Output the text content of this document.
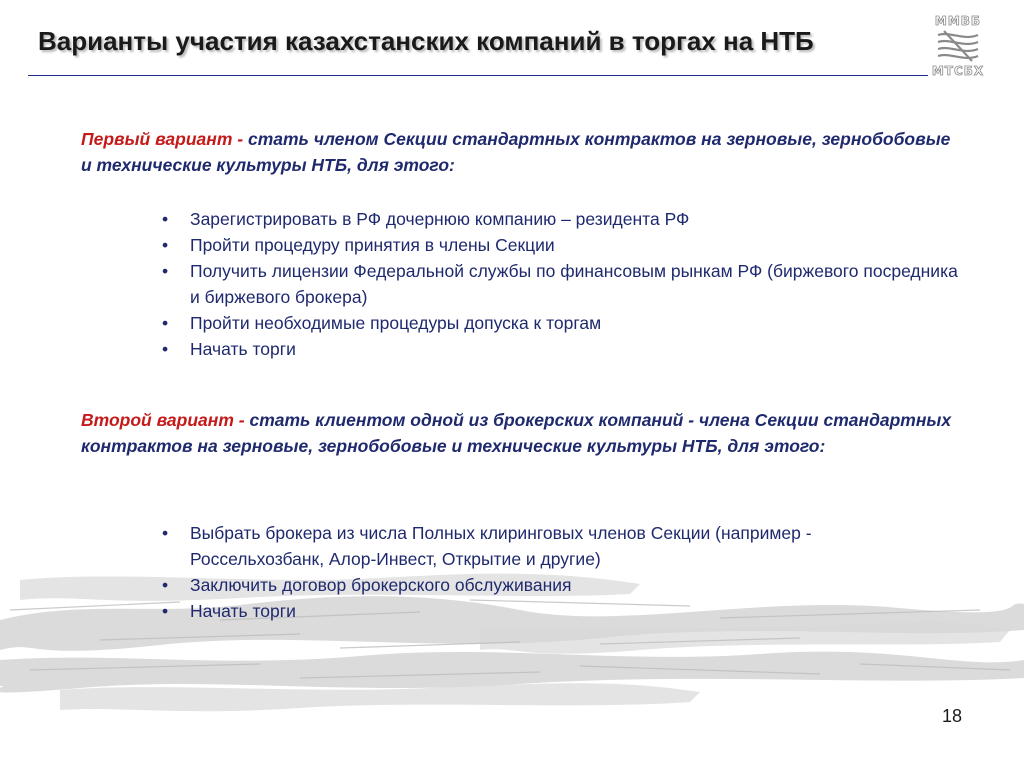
Варианты участия казахстанских компаний в торгах на НТБ
ММВБ
МТСБХ

Первый вариант - стать членом Секции стандартных контрактов на зерновые, зернобобовые и технические культуры НТБ, для этого:

• Зарегистрировать в РФ дочернюю компанию – резидента РФ
• Пройти процедуру принятия в члены Секции
• Получить лицензии Федеральной службы по финансовым рынкам РФ (биржевого посредника и биржевого брокера)
• Пройти необходимые процедуры допуска к торгам
• Начать торги

Второй вариант - стать клиентом одной из брокерских компаний - члена Секции стандартных контрактов на зерновые, зернобобовые и технические культуры НТБ, для этого:

• Выбрать брокера из числа Полных клиринговых членов Секции (например - Россельхозбанк, Алор-Инвест, Открытие и другие)
• Заключить договор брокерского обслуживания
• Начать торги
18
